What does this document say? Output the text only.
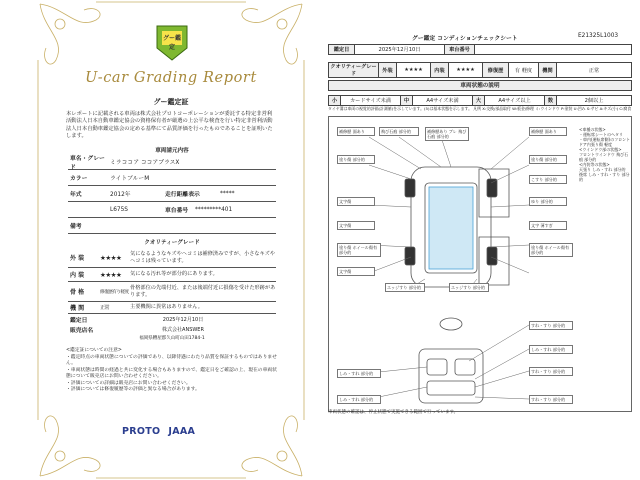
グー鑑定
U-car Grading Report
グー鑑定証
本レポートに記載される車両は株式会社プロトコーポレーションが委託する特定非営利活動法人日本自動車鑑定協会の資格保有者が厳選の上公平な検査を行い特定非営利活動法人日本自動車鑑定協会の定める基準にて品質評価を行ったものであることを証明いたします。
車両請元内容
車名・グレード
ミラココア ココアプラスX
カラー	ライトブルーM
年式	2012年	走行距離表示	*****
L675S	車台番号	*********401
備考
クオリティーグレード
外 装	★★★★	気になるようなキズやヘコミは補修済みですが、小さなキズやヘコミは残っています。
内 装	★★★★	気になる汚れ等が部分的にあります。
骨 格	修復歴有り軽度
骨格部位の先端付近、または後端付近に損傷を受けた形跡があります。
機 関	正常	主要機関に異常はありません。
鑑定日	2025年12月10日
販売店名	株式会社ANSWER
福岡県糟屋郡久山町山田1784-1
<鑑定証についての注意>
・鑑定時点の車両状態についての評価であり、以降待遇にわたり品質を保証するものではありません。
・車両状態は時間の経過と共に変化する場合もありますので、鑑定日をご確認の上、現在の車両状態について販売店にお問い合わせください。
・評価についての詳細は販売店にお問い合わせください。
・評価については修復履歴等の評価と異なる場合があります。
PROTO JAAA
グー鑑定 コンディションチェックシート	E21325L1003
鑑定日	2025年12月10日	車台番号	
クオリティーグレード	外装	★★★★	内装	★★★★	修復歴	有 軽度	機関	正常
車両状態の説明
小	カードサイズ未満	中	A4サイズ未満	大	A4サイズ以上	数	2個以上
タイヤ溝は車両の視覚的評価(計測値)を示しています。(5)は基本状態を示します。 凡例 X:交換/部品取付 W:板金/修理 ミ:ウインドウ P:塗装 U:凹み S:サビ A:キズ(小) C:腐食
補修歴 面あり	飛び石痕 部分的	補修歴あり ブレ 飛び石痕 部分的
補修歴 面あり
塗り傷 部分的	塗り傷 部分的
こすり 部分的
文字傷
文字傷
ゆり 部分的
文字 薄すぎ
塗り傷 ホイール傷有 部分的
塗り傷 ホイール傷有 部分的
文字傷
エッジすり 部分的	エッジすり 部分的
すれ・すり 部分的
しみ・すれ 部分的
しみ・すれ 部分的	すれ・すり 部分的
しみ・すれ 部分的	すれ・すり 部分的
<車種の状態>
・運転席シートのヘタリ
・車内(運転席側)のフロントドア内張り傷 軽度
<ウインドウ部の状態>
フロントウインドウ 飛び石痕 部分的
<内装等の状態>
天張り しみ・すれ 部分的
後席 しみ・すれ・すり 部分的
車両状態の確認は、停止状態で実施できる範囲で行っています。
